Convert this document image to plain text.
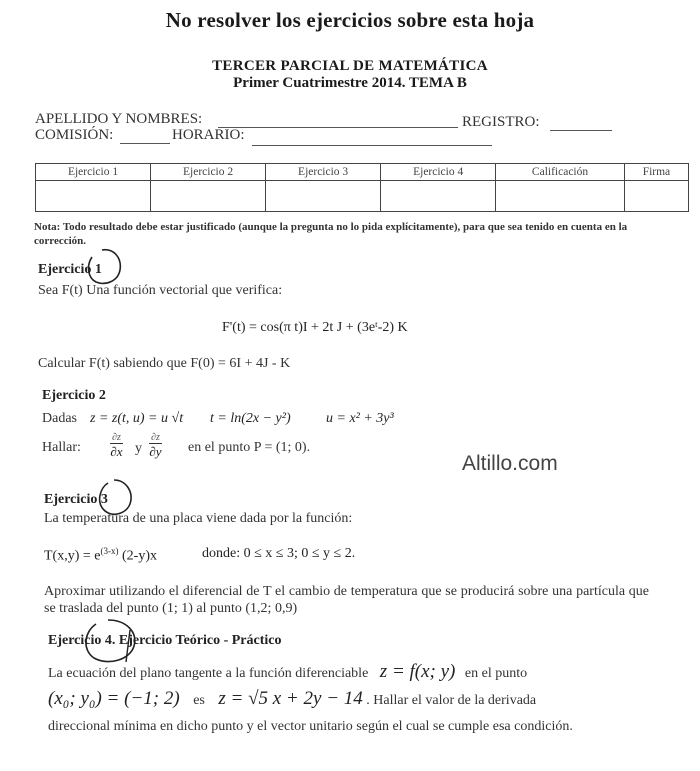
No resolver los ejercicios sobre esta hoja
TERCER PARCIAL DE MATEMÁTICA
Primer Cuatrimestre 2014. TEMA B
APELLIDO Y NOMBRES:	REGISTRO:
COMISIÓN:	HORARIO:
Ejercicio 1	Ejercicio 2	Ejercicio 3	Ejercicio 4	Calificación	Firma

Nota: Todo resultado debe estar justificado (aunque la pregunta no lo pida explícitamente), para que sea tenido en cuenta en la corrección.
Ejercicio 1
Sea F(t) Una función vectorial que verifica:
F'(t) = cos(π t)I + 2t J + (3eᵗ-2) K
Calcular F(t) sabiendo que F(0) = 6I + 4J - K
Ejercicio 2
Dadas z = z(t, u) = u √t t = ln(2x − y²)	u = x² + 3y³
Hallar:
∂z
∂x y
∂z
∂y en el punto P = (1; 0).
Altillo.com
Ejercicio 3
La temperatura de una placa viene dada por la función:
$T(x,y) = e^{(3-x)}$ (2-y)x	donde: 0 ≤ x ≤ 3; 0 ≤ y ≤ 2.
Aproximar utilizando el diferencial de T el cambio de temperatura que se producirá sobre una partícula que se traslada del punto (1; 1) al punto (1,2; 0,9)
Ejercicio 4. Ejercicio Teórico - Práctico
La ecuación del plano tangente a la función diferenciable z = f(x; y) en el punto
(x₀; y₀) = (−1; 2) es z = √5 x + 2y − 14 . Hallar el valor de la derivada
direccional mínima en dicho punto y el vector unitario según el cual se cumple esa condición.
